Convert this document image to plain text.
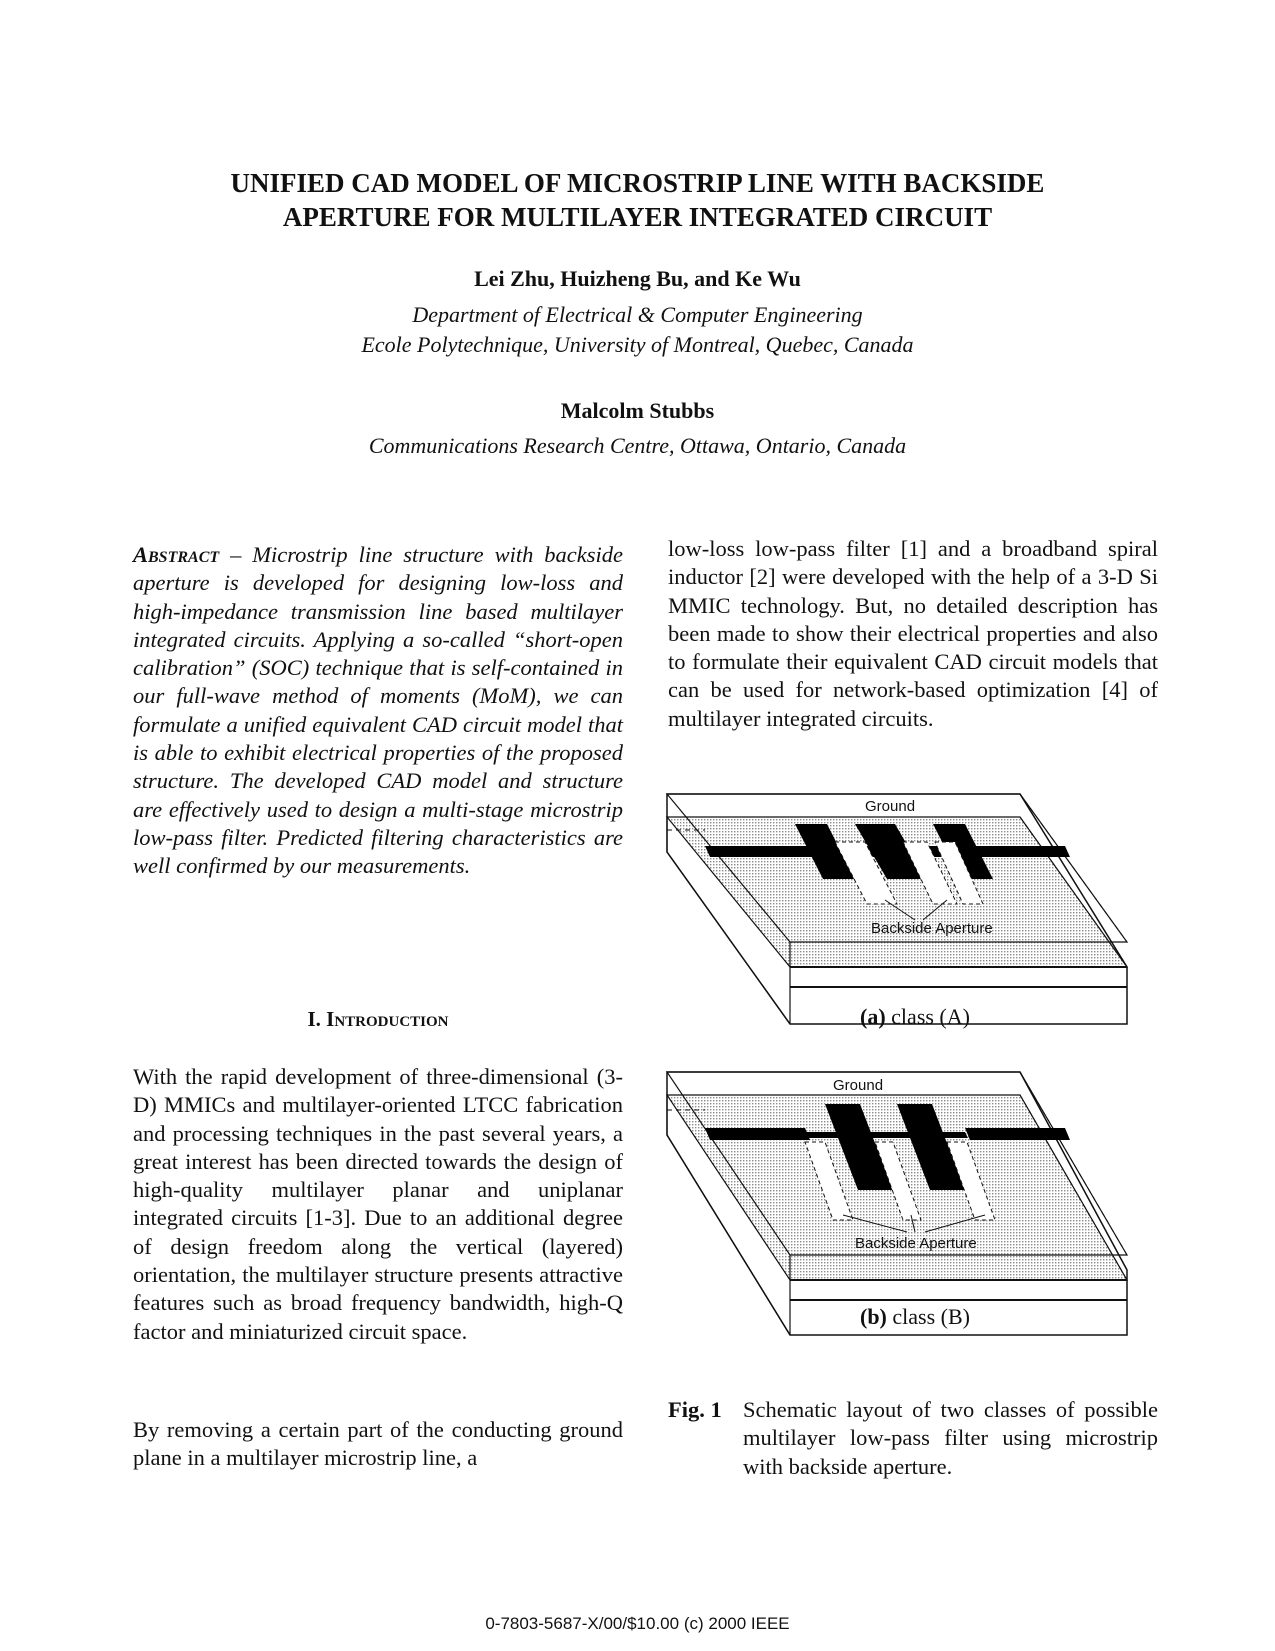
UNIFIED CAD MODEL OF MICROSTRIP LINE WITH BACKSIDE
APERTURE FOR MULTILAYER INTEGRATED CIRCUIT
Lei Zhu, Huizheng Bu, and Ke Wu
Department of Electrical & Computer Engineering
Ecole Polytechnique, University of Montreal, Quebec, Canada
Malcolm Stubbs
Communications Research Centre, Ottawa, Ontario, Canada
Abstract – Microstrip line structure with backside aperture is developed for designing low-loss and high-impedance transmission line based multilayer integrated circuits. Applying a so-called “short-open calibration” (SOC) technique that is self-contained in our full-wave method of moments (MoM), we can formulate a unified equivalent CAD circuit model that is able to exhibit electrical properties of the proposed structure. The developed CAD model and structure are effectively used to design a multi-stage microstrip low-pass filter. Predicted filtering characteristics are well confirmed by our measurements.
I. Introduction
With the rapid development of three-dimensional (3-D) MMICs and multilayer-oriented LTCC fabrication and processing techniques in the past several years, a great interest has been directed towards the design of high-quality multilayer planar and uniplanar integrated circuits [1-3]. Due to an additional degree of design freedom along the vertical (layered) orientation, the multilayer structure presents attractive features such as broad frequency bandwidth, high-Q factor and miniaturized circuit space.
By removing a certain part of the conducting ground plane in a multilayer microstrip line, a
low-loss low-pass filter [1] and a broadband spiral inductor [2] were developed with the help of a 3-D Si MMIC technology. But, no detailed description has been made to show their electrical properties and also to formulate their equivalent CAD circuit models that can be used for network-based optimization [4] of multilayer integrated circuits.
Ground
Backside Aperture
(a) class (A)
Ground
Backside Aperture
(b) class (B)
Fig. 1 Schematic layout of two classes of possible multilayer low-pass filter using microstrip with backside aperture.
0-7803-5687-X/00/$10.00 (c) 2000 IEEE
